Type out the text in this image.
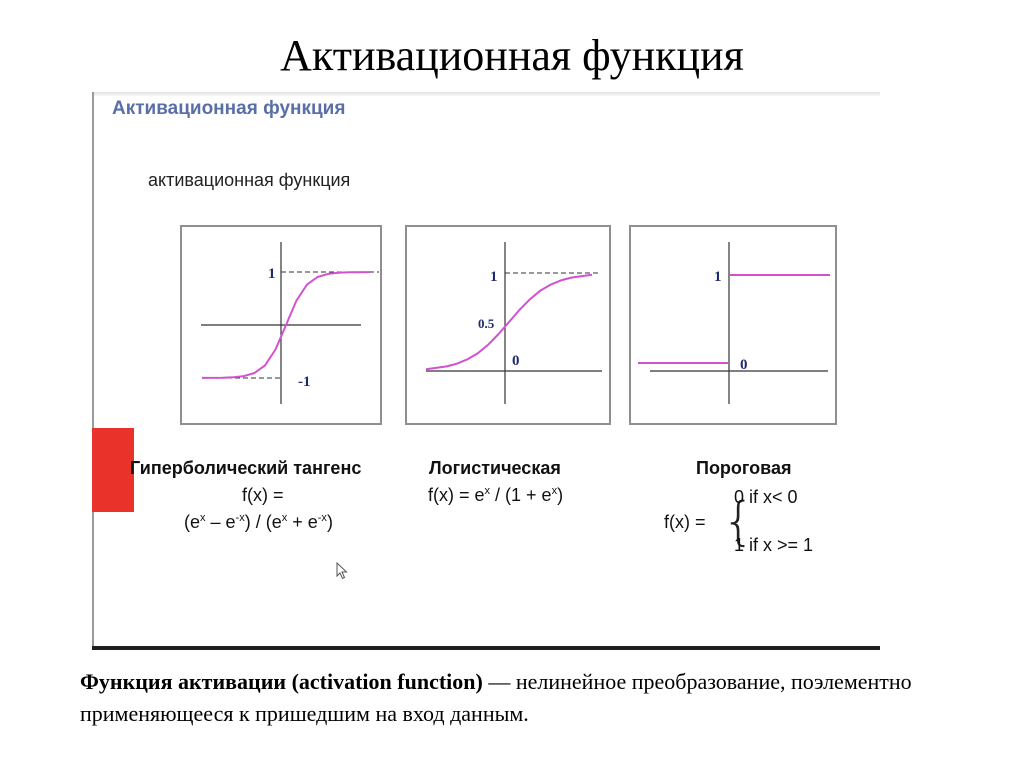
Активационная функция
Активационная функция
активационная функция
1
-1
1
0.5
0
1
0
Гиперболический тангенс
f(x) =
$(e^x - e^{-x}) / (e^x + e^{-x})$
Логистическая
$f(x) = e^x / (1 + e^x)$
Пороговая
f(x) = {
0 if x< 0
1 if x >= 1
Функция активации (activation function) — нелинейное преобразование, поэлементно применяющееся к пришедшим на вход данным.
